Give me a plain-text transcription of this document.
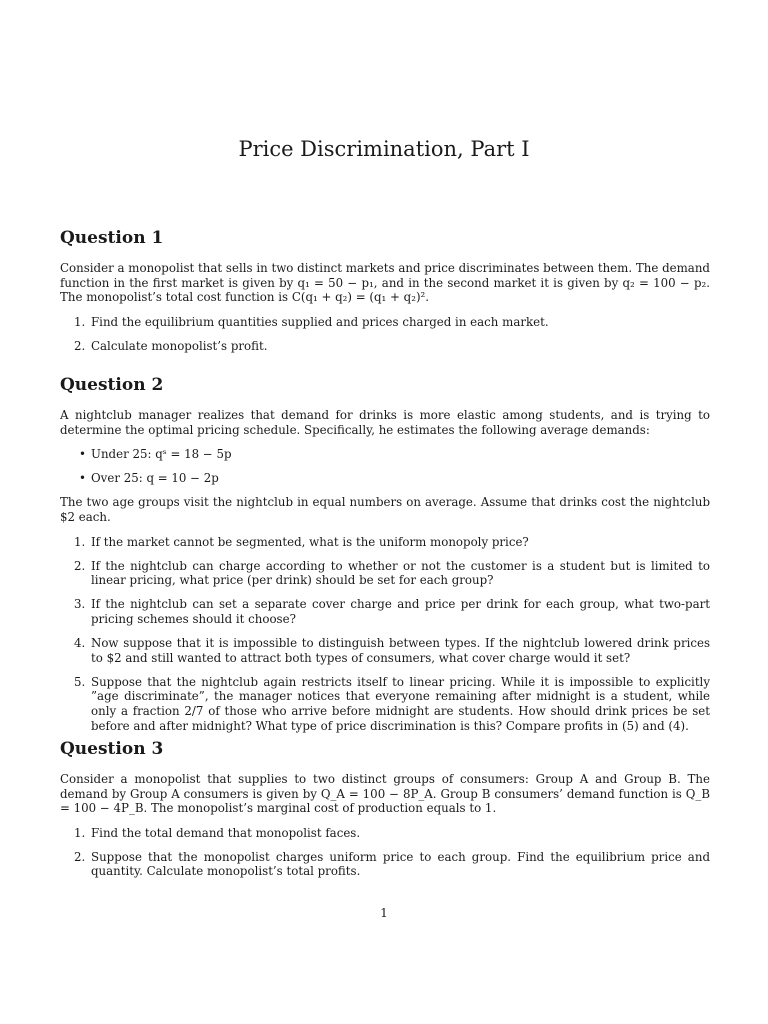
Price Discrimination, Part I
Question 1

Consider a monopolist that sells in two distinct markets and price discriminates between them. The demand function in the first market is given by q₁ = 50 − p₁, and in the second market it is given by q₂ = 100 − p₂. The monopolist’s total cost function is C(q₁ + q₂) = (q₁ + q₂)².

1. Find the equilibrium quantities supplied and prices charged in each market.
2. Calculate monopolist’s profit.
Question 2

A nightclub manager realizes that demand for drinks is more elastic among students, and is trying to determine the optimal pricing schedule. Specifically, he estimates the following average demands:

• Under 25: qˢ = 18 − 5p
• Over 25: q = 10 − 2p

The two age groups visit the nightclub in equal numbers on average. Assume that drinks cost the nightclub $2 each.

1. If the market cannot be segmented, what is the uniform monopoly price?
2. If the nightclub can charge according to whether or not the customer is a student but is limited to linear pricing, what price (per drink) should be set for each group?
3. If the nightclub can set a separate cover charge and price per drink for each group, what two-part pricing schemes should it choose?
4. Now suppose that it is impossible to distinguish between types. If the nightclub lowered drink prices to $2 and still wanted to attract both types of consumers, what cover charge would it set?
5. Suppose that the nightclub again restricts itself to linear pricing. While it is impossible to explicitly ”age discriminate”, the manager notices that everyone remaining after midnight is a student, while only a fraction 2/7 of those who arrive before midnight are students. How should drink prices be set before and after midnight? What type of price discrimination is this? Compare profits in (5) and (4).
Question 3

Consider a monopolist that supplies to two distinct groups of consumers: Group A and Group B. The demand by Group A consumers is given by Q_A = 100 − 8P_A. Group B consumers’ demand function is Q_B = 100 − 4P_B. The monopolist’s marginal cost of production equals to 1.

1. Find the total demand that monopolist faces.
2. Suppose that the monopolist charges uniform price to each group. Find the equilibrium price and quantity. Calculate monopolist’s total profits.
1
